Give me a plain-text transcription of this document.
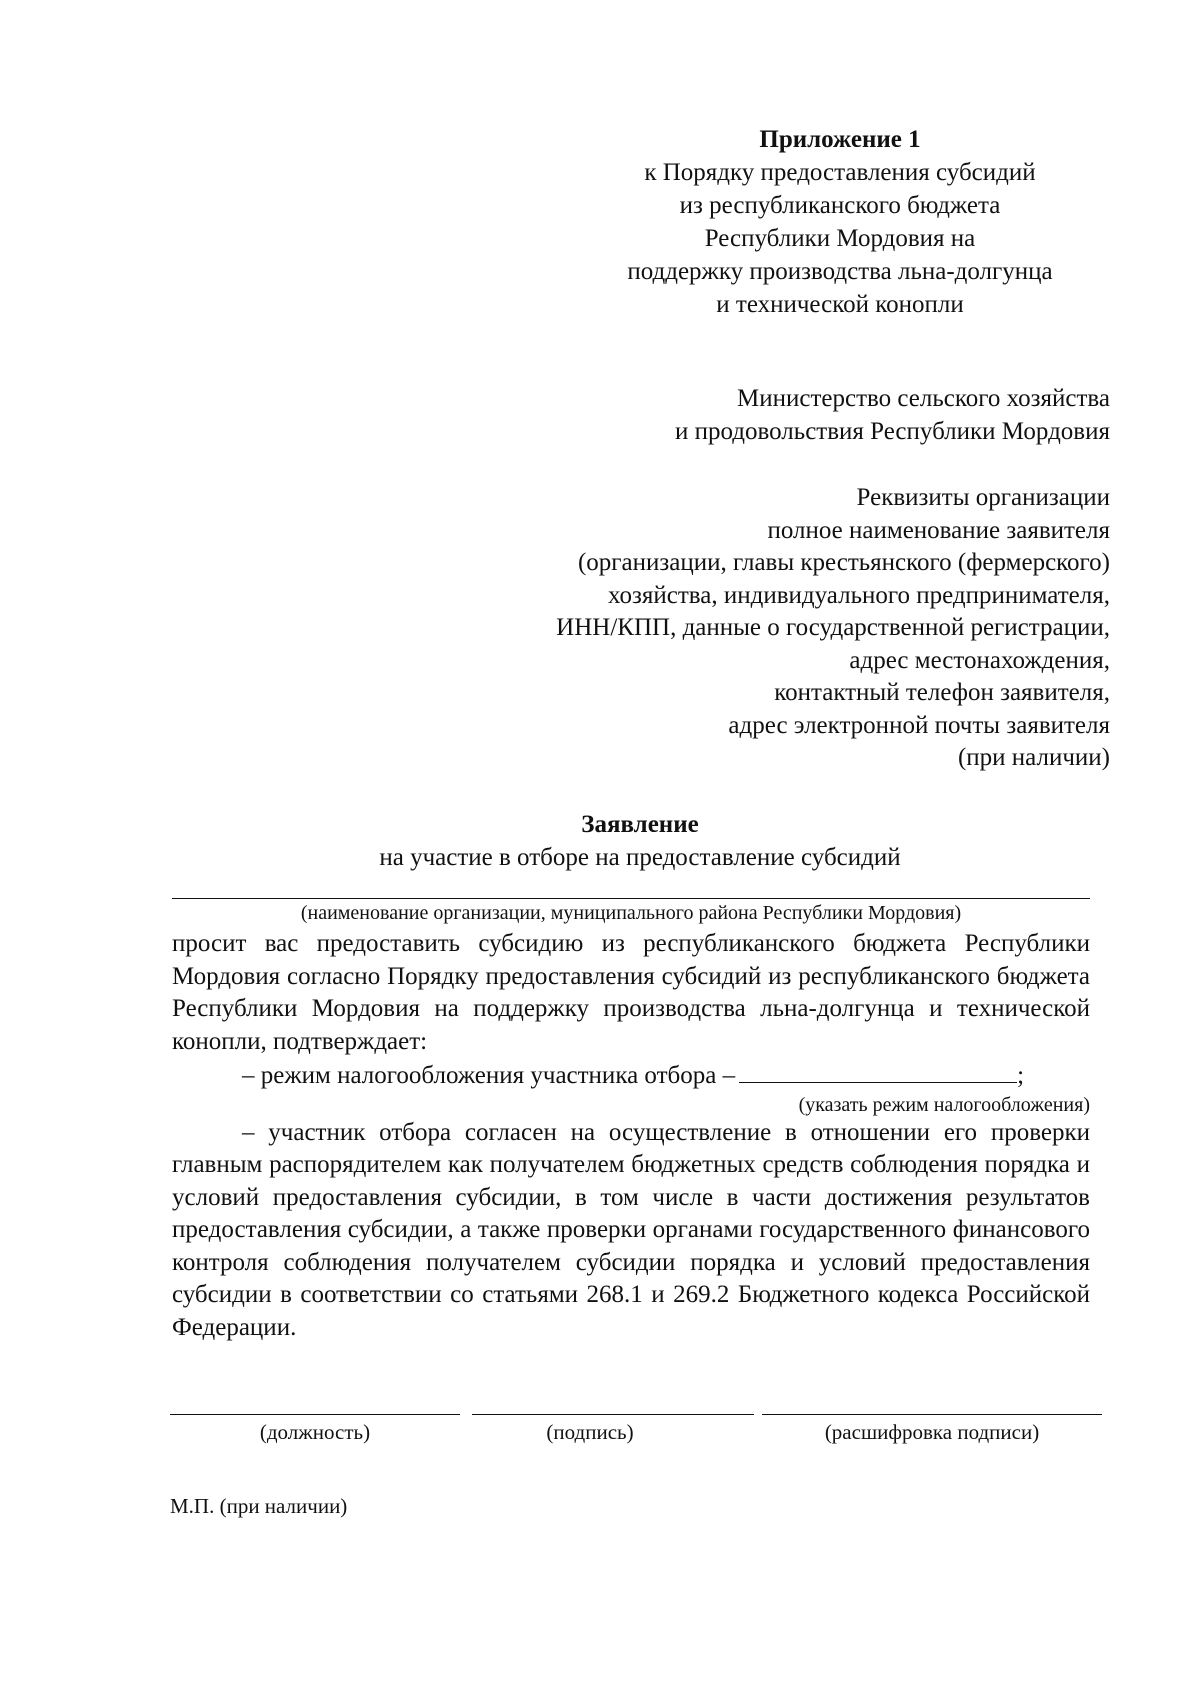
Приложение 1
к Порядку предоставления субсидий
из республиканского бюджета
Республики Мордовия на
поддержку производства льна-долгунца
и технической конопли
Министерство сельского хозяйства
и продовольствия Республики Мордовия
Реквизиты организации
полное наименование заявителя
(организации, главы крестьянского (фермерского)
хозяйства, индивидуального предпринимателя,
ИНН/КПП, данные о государственной регистрации,
адрес местонахождения,
контактный телефон заявителя,
адрес электронной почты заявителя
(при наличии)
Заявление
на участие в отборе на предоставление субсидий
(наименование организации, муниципального района Республики Мордовия)

просит вас предоставить субсидию из республиканского бюджета Республики Мордовия согласно Порядку предоставления субсидий из республиканского бюджета Республики Мордовия на поддержку производства льна-долгунца и технической конопли, подтверждает:

– режим налогообложения участника отбора –	;

(указать режим налогообложения)

– участник отбора согласен на осуществление в отношении его проверки главным распорядителем как получателем бюджетных средств соблюдения порядка и условий предоставления субсидии, в том числе в части достижения результатов предоставления субсидии, а также проверки органами государственного финансового контроля соблюдения получателем субсидии порядка и условий предоставления субсидии в соответствии со статьями 268.1 и 269.2 Бюджетного кодекса Российской Федерации.

(должность)	(подпись)	(расшифровка подписи)
М.П. (при наличии)
